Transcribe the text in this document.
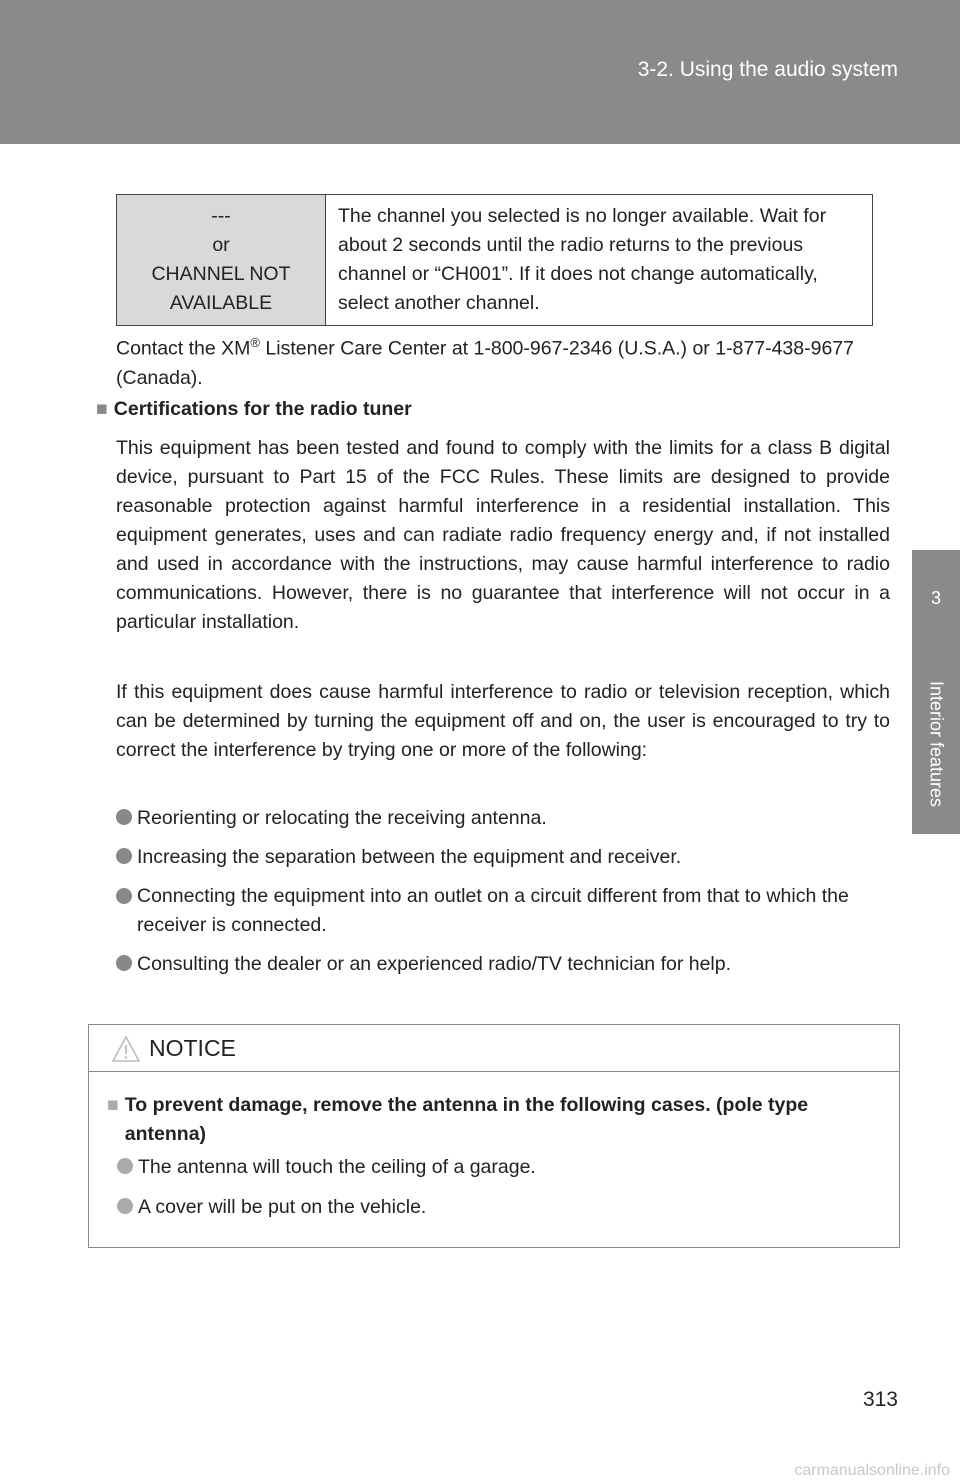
3-2. Using the audio system
3
Interior features
---
or
CHANNEL NOT
AVAILABLE
	The channel you selected is no longer available. Wait for about 2 seconds until the radio returns to the previous channel or “CH001”. If it does not change automatically, select another channel.
Contact the XM® Listener Care Center at 1-800-967-2346 (U.S.A.) or 1-877-438-9677 (Canada).
■ Certifications for the radio tuner
This equipment has been tested and found to comply with the limits for a class B digital device, pursuant to Part 15 of the FCC Rules. These limits are designed to provide reasonable protection against harmful interference in a residential installation. This equipment generates, uses and can radiate radio frequency energy and, if not installed and used in accordance with the instructions, may cause harmful interference to radio communications. However, there is no guarantee that interference will not occur in a particular installation.
If this equipment does cause harmful interference to radio or television reception, which can be determined by turning the equipment off and on, the user is encouraged to try to correct the interference by trying one or more of the following:
Reorienting or relocating the receiving antenna.
Increasing the separation between the equipment and receiver.
Connecting the equipment into an outlet on a circuit different from that to which the receiver is connected.
Consulting the dealer or an experienced radio/TV technician for help.
NOTICE
■ To prevent damage, remove the antenna in the following cases. (pole type antenna)
The antenna will touch the ceiling of a garage.
A cover will be put on the vehicle.
313
carmanualsonline.info
